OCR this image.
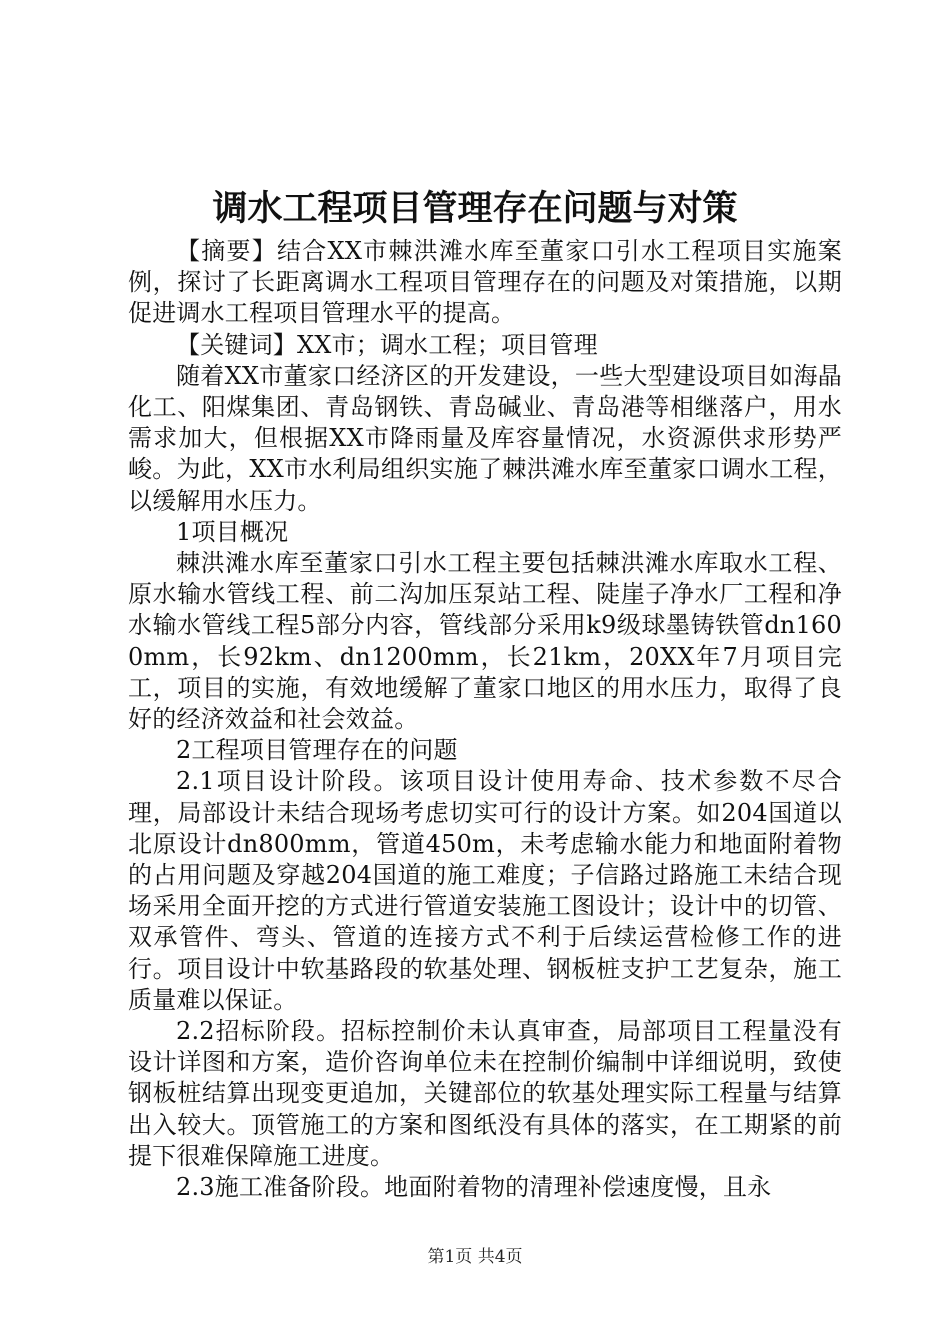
调水工程项目管理存在问题与对策

【摘要】结合XX市棘洪滩水库至董家口引水工程项目实施案例，探讨了长距离调水工程项目管理存在的问题及对策措施，以期促进调水工程项目管理水平的提高。

【关键词】XX市；调水工程；项目管理

随着XX市董家口经济区的开发建设，一些大型建设项目如海晶化工、阳煤集团、青岛钢铁、青岛碱业、青岛港等相继落户，用水需求加大，但根据XX市降雨量及库容量情况，水资源供求形势严峻。为此，XX市水利局组织实施了棘洪滩水库至董家口调水工程，以缓解用水压力。

1项目概况

棘洪滩水库至董家口引水工程主要包括棘洪滩水库取水工程、原水输水管线工程、前二沟加压泵站工程、陡崖子净水厂工程和净水输水管线工程5部分内容，管线部分采用k9级球墨铸铁管dn1600mm，长92km、dn1200mm，长21km，20XX年7月项目完工，项目的实施，有效地缓解了董家口地区的用水压力，取得了良好的经济效益和社会效益。

2工程项目管理存在的问题

2.1项目设计阶段。该项目设计使用寿命、技术参数不尽合理，局部设计未结合现场考虑切实可行的设计方案。如204国道以北原设计dn800mm，管道450m，未考虑输水能力和地面附着物的占用问题及穿越204国道的施工难度；子信路过路施工未结合现场采用全面开挖的方式进行管道安装施工图设计；设计中的切管、双承管件、弯头、管道的连接方式不利于后续运营检修工作的进行。项目设计中软基路段的软基处理、钢板桩支护工艺复杂，施工质量难以保证。

2.2招标阶段。招标控制价未认真审查，局部项目工程量没有设计详图和方案，造价咨询单位未在控制价编制中详细说明，致使钢板桩结算出现变更追加，关键部位的软基处理实际工程量与结算出入较大。顶管施工的方案和图纸没有具体的落实，在工期紧的前提下很难保障施工进度。

2.3施工准备阶段。地面附着物的清理补偿速度慢，且永

第1页 共4页
